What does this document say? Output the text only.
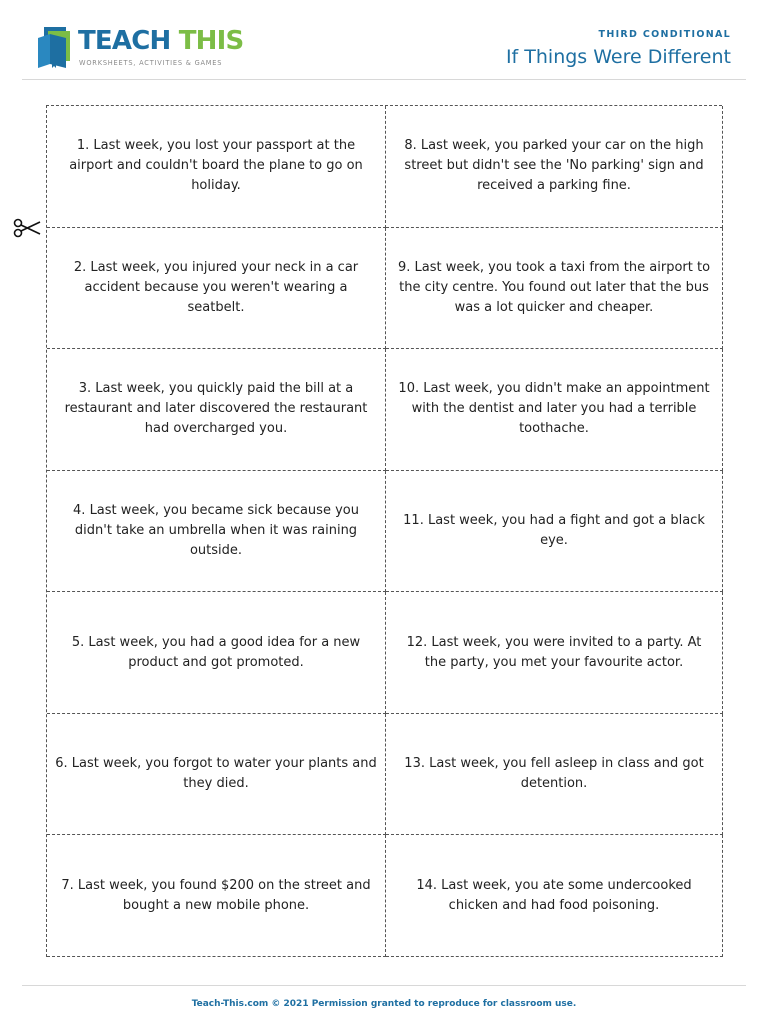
TEACH THIS
WORKSHEETS, ACTIVITIES & GAMES
THIRD CONDITIONAL
If Things Were Different
1. Last week, you lost your passport at the airport and couldn't board the plane to go on holiday.
8. Last week, you parked your car on the high street but didn't see the 'No parking' sign and received a parking fine.
2. Last week, you injured your neck in a car accident because you weren't wearing a seatbelt.
9. Last week, you took a taxi from the airport to the city centre. You found out later that the bus was a lot quicker and cheaper.
3. Last week, you quickly paid the bill at a restaurant and later discovered the restaurant had overcharged you.
10. Last week, you didn't make an appointment with the dentist and later you had a terrible toothache.
4. Last week, you became sick because you didn't take an umbrella when it was raining outside.
11. Last week, you had a fight and got a black eye.
5. Last week, you had a good idea for a new product and got promoted.
12. Last week, you were invited to a party. At the party, you met your favourite actor.
6. Last week, you forgot to water your plants and they died.
13. Last week, you fell asleep in class and got detention.
7. Last week, you found $200 on the street and bought a new mobile phone.
14. Last week, you ate some undercooked chicken and had food poisoning.
Teach-This.com © 2021 Permission granted to reproduce for classroom use.
